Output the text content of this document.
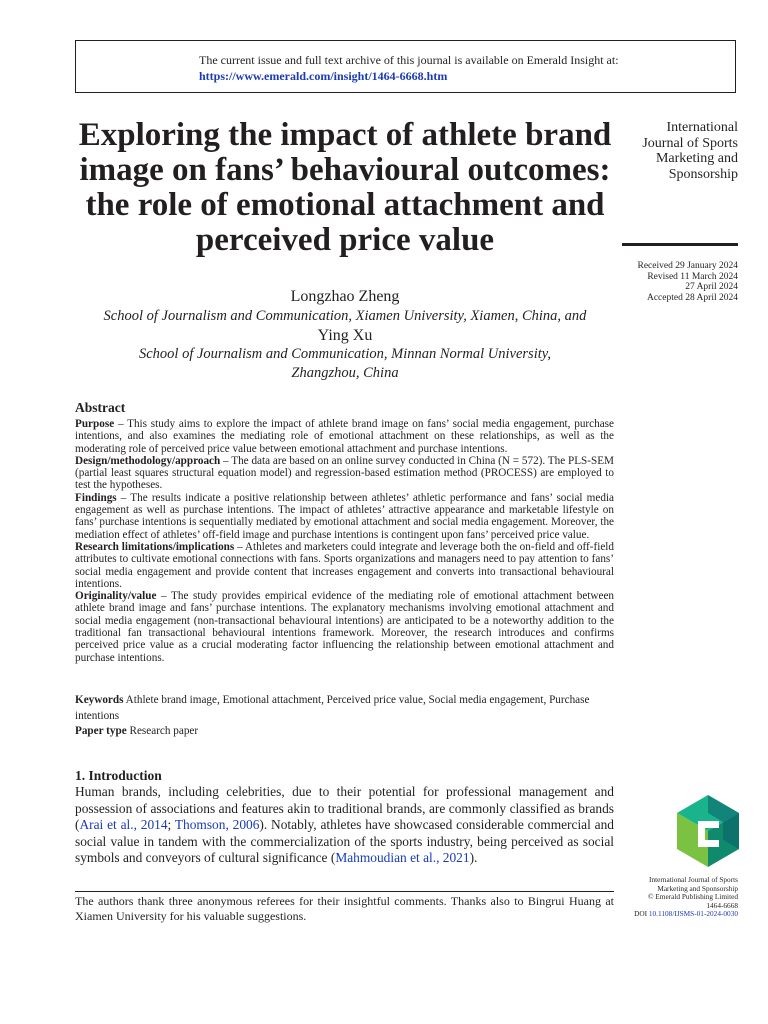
The current issue and full text archive of this journal is available on Emerald Insight at:
https://www.emerald.com/insight/1464-6668.htm
Exploring the impact of athlete brand image on fans’ behavioural outcomes: the role of emotional attachment and perceived price value
International
Journal of Sports
Marketing and
Sponsorship
Received 29 January 2024
Revised 11 March 2024
27 April 2024
Accepted 28 April 2024
Longzhao Zheng
School of Journalism and Communication, Xiamen University, Xiamen, China, and
Ying Xu
School of Journalism and Communication, Minnan Normal University, Zhangzhou, China
Abstract

Purpose – This study aims to explore the impact of athlete brand image on fans’ social media engagement, purchase intentions, and also examines the mediating role of emotional attachment on these relationships, as well as the moderating role of perceived price value between emotional attachment and purchase intentions.

Design/methodology/approach – The data are based on an online survey conducted in China (N = 572). The PLS-SEM (partial least squares structural equation model) and regression-based estimation method (PROCESS) are employed to test the hypotheses.

Findings – The results indicate a positive relationship between athletes’ athletic performance and fans’ social media engagement as well as purchase intentions. The impact of athletes’ attractive appearance and marketable lifestyle on fans’ purchase intentions is sequentially mediated by emotional attachment and social media engagement. Moreover, the mediation effect of athletes’ off-field image and purchase intentions is contingent upon fans’ perceived price value.

Research limitations/implications – Athletes and marketers could integrate and leverage both the on-field and off-field attributes to cultivate emotional connections with fans. Sports organizations and managers need to pay attention to fans’ social media engagement and provide content that increases engagement and converts into transactional behavioural intentions.

Originality/value – The study provides empirical evidence of the mediating role of emotional attachment between athlete brand image and fans’ purchase intentions. The explanatory mechanisms involving emotional attachment and social media engagement (non-transactional behavioural intentions) are anticipated to be a noteworthy addition to the traditional fan transactional behavioural intentions framework. Moreover, the research introduces and confirms perceived price value as a crucial moderating factor influencing the relationship between emotional attachment and purchase intentions.

Keywords Athlete brand image, Emotional attachment, Perceived price value, Social media engagement, Purchase intentions
Paper type Research paper
1. Introduction
Human brands, including celebrities, due to their potential for professional management and possession of associations and features akin to traditional brands, are commonly classified as brands (Arai et al., 2014; Thomson, 2006). Notably, athletes have showcased considerable commercial and social value in tandem with the commercialization of the sports industry, being perceived as social symbols and conveyors of cultural significance (Mahmoudian et al., 2021).
The authors thank three anonymous referees for their insightful comments. Thanks also to Bingrui Huang at Xiamen University for his valuable suggestions.
International Journal of Sports
Marketing and Sponsorship
© Emerald Publishing Limited
1464-6668
DOI 10.1108/IJSMS-01-2024-0030
